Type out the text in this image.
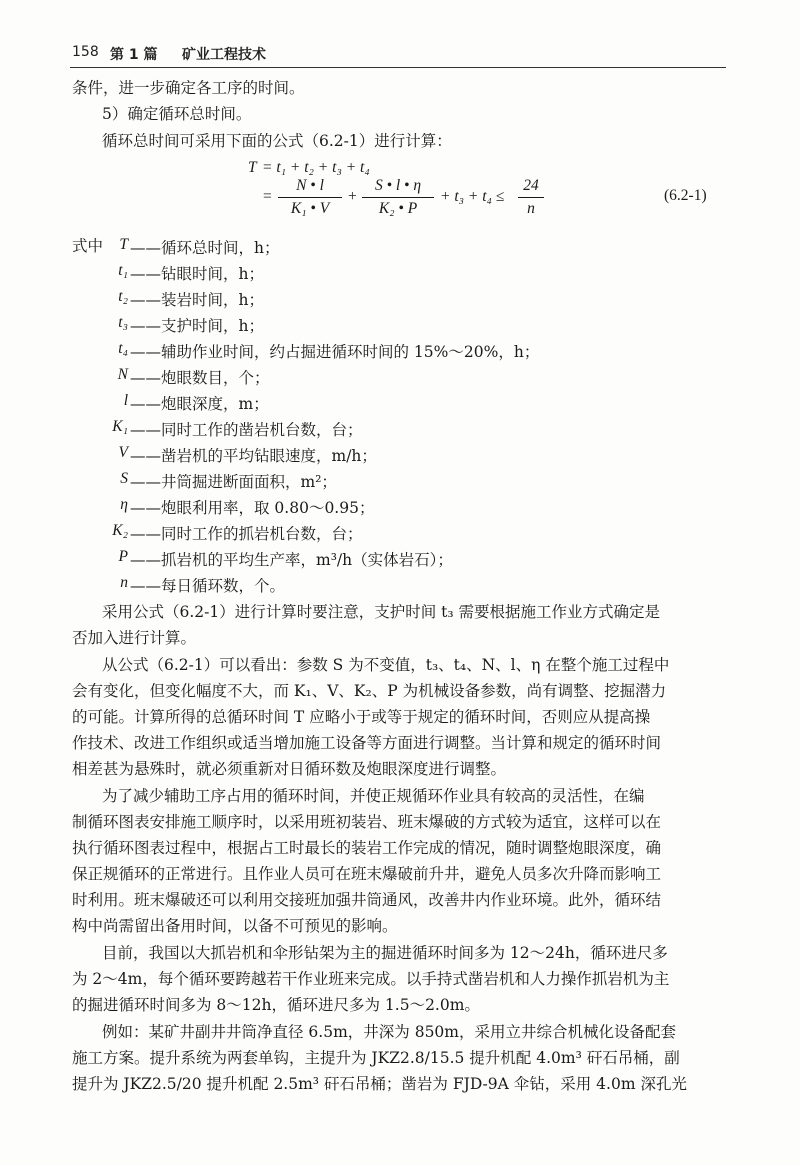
158 第 1 篇 矿业工程技术
条件，进一步确定各工序的时间。
5）确定循环总时间。
循环总时间可采用下面的公式（6.2-1）进行计算：
T = t₁ + t₂ + t₃ + t₄
=
N • l
K₁ • V
+
S • l • η
K₂ • P
+ t₃ + t₄ ≤
24
n
(6.2-1)
式中	T ——循环总时间，h；
t₁ ——钻眼时间，h；
t₂ ——装岩时间，h；
t₃ ——支护时间，h；
t₄ ——辅助作业时间，约占掘进循环时间的 15%～20%，h；
N ——炮眼数目，个；
l ——炮眼深度，m；
K₁ ——同时工作的凿岩机台数，台；
V ——凿岩机的平均钻眼速度，m/h；
S ——井筒掘进断面面积，m²；
η ——炮眼利用率，取 0.80～0.95；
K₂ ——同时工作的抓岩机台数，台；
P ——抓岩机的平均生产率，m³/h（实体岩石）；
n ——每日循环数，个。
采用公式（6.2-1）进行计算时要注意，支护时间 t₃ 需要根据施工作业方式确定是
否加入进行计算。
从公式（6.2-1）可以看出：参数 S 为不变值，t₃、t₄、N、l、η 在整个施工过程中
会有变化，但变化幅度不大，而 K₁、V、K₂、P 为机械设备参数，尚有调整、挖掘潜力
的可能。计算所得的总循环时间 T 应略小于或等于规定的循环时间，否则应从提高操
作技术、改进工作组织或适当增加施工设备等方面进行调整。当计算和规定的循环时间
相差甚为悬殊时，就必须重新对日循环数及炮眼深度进行调整。
为了减少辅助工序占用的循环时间，并使正规循环作业具有较高的灵活性，在编
制循环图表安排施工顺序时，以采用班初装岩、班末爆破的方式较为适宜，这样可以在
执行循环图表过程中，根据占工时最长的装岩工作完成的情况，随时调整炮眼深度，确
保正规循环的正常进行。且作业人员可在班末爆破前升井，避免人员多次升降而影响工
时利用。班末爆破还可以利用交接班加强井筒通风，改善井内作业环境。此外，循环结
构中尚需留出备用时间，以备不可预见的影响。
目前，我国以大抓岩机和伞形钻架为主的掘进循环时间多为 12～24h，循环进尺多
为 2～4m，每个循环要跨越若干作业班来完成。以手持式凿岩机和人力操作抓岩机为主
的掘进循环时间多为 8～12h，循环进尺多为 1.5～2.0m。
例如：某矿井副井井筒净直径 6.5m，井深为 850m，采用立井综合机械化设备配套
施工方案。提升系统为两套单钩，主提升为 JKZ2.8/15.5 提升机配 4.0m³ 矸石吊桶，副
提升为 JKZ2.5/20 提升机配 2.5m³ 矸石吊桶；凿岩为 FJD-9A 伞钻，采用 4.0m 深孔光
